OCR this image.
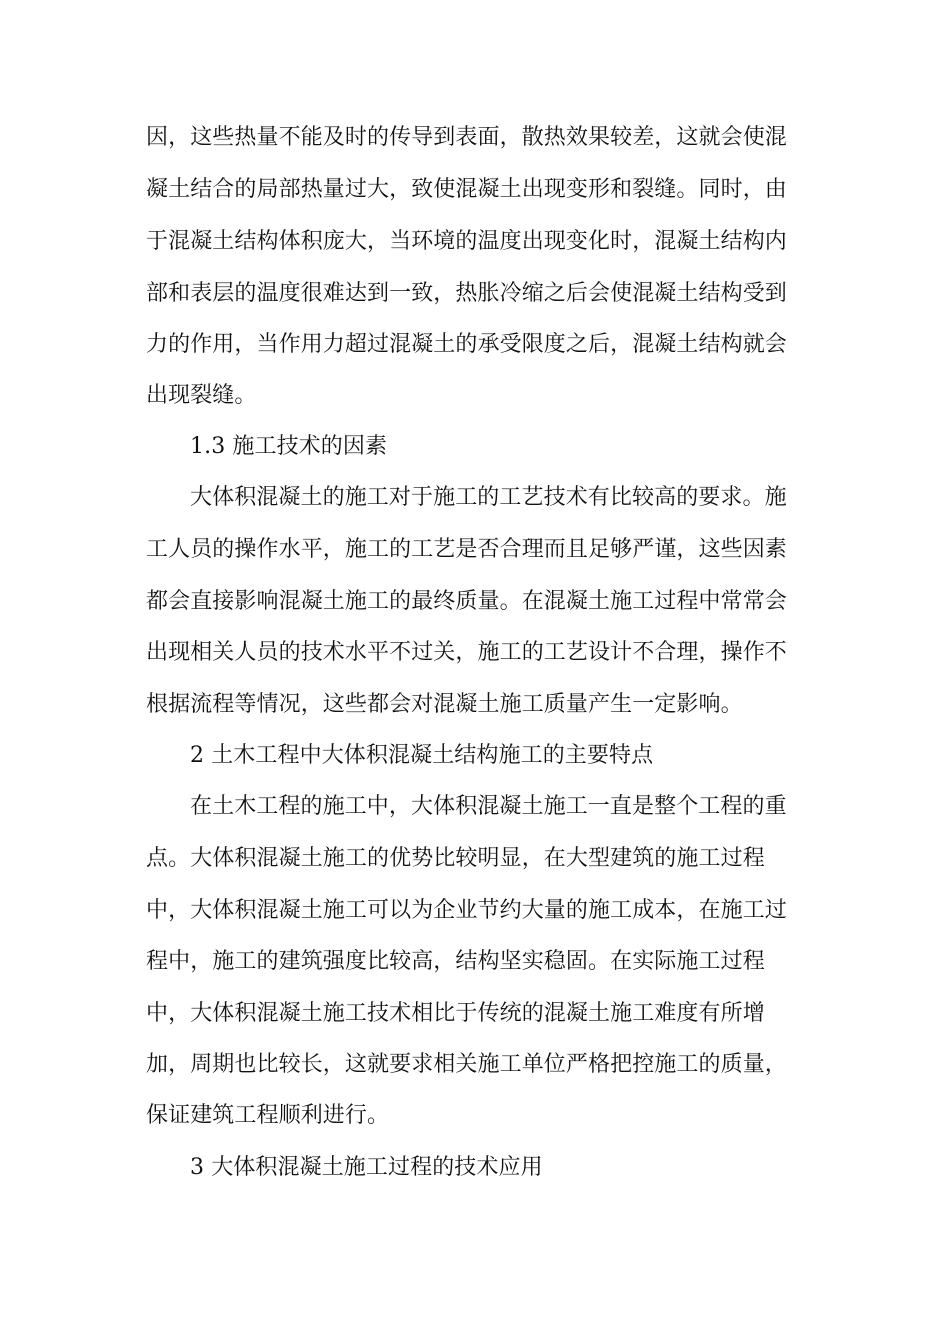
因，这些热量不能及时的传导到表面，散热效果较差，这就会使混
凝土结合的局部热量过大，致使混凝土出现变形和裂缝。同时，由
于混凝土结构体积庞大，当环境的温度出现变化时，混凝土结构内
部和表层的温度很难达到一致，热胀冷缩之后会使混凝土结构受到
力的作用，当作用力超过混凝土的承受限度之后，混凝土结构就会
出现裂缝。
1.3 施工技术的因素
大体积混凝土的施工对于施工的工艺技术有比较高的要求。施
工人员的操作水平，施工的工艺是否合理而且足够严谨，这些因素
都会直接影响混凝土施工的最终质量。在混凝土施工过程中常常会
出现相关人员的技术水平不过关，施工的工艺设计不合理，操作不
根据流程等情况，这些都会对混凝土施工质量产生一定影响。
2 土木工程中大体积混凝土结构施工的主要特点
在土木工程的施工中，大体积混凝土施工一直是整个工程的重
点。大体积混凝土施工的优势比较明显，在大型建筑的施工过程
中，大体积混凝土施工可以为企业节约大量的施工成本，在施工过
程中，施工的建筑强度比较高，结构坚实稳固。在实际施工过程
中，大体积混凝土施工技术相比于传统的混凝土施工难度有所增
加，周期也比较长，这就要求相关施工单位严格把控施工的质量，
保证建筑工程顺利进行。
3 大体积混凝土施工过程的技术应用
